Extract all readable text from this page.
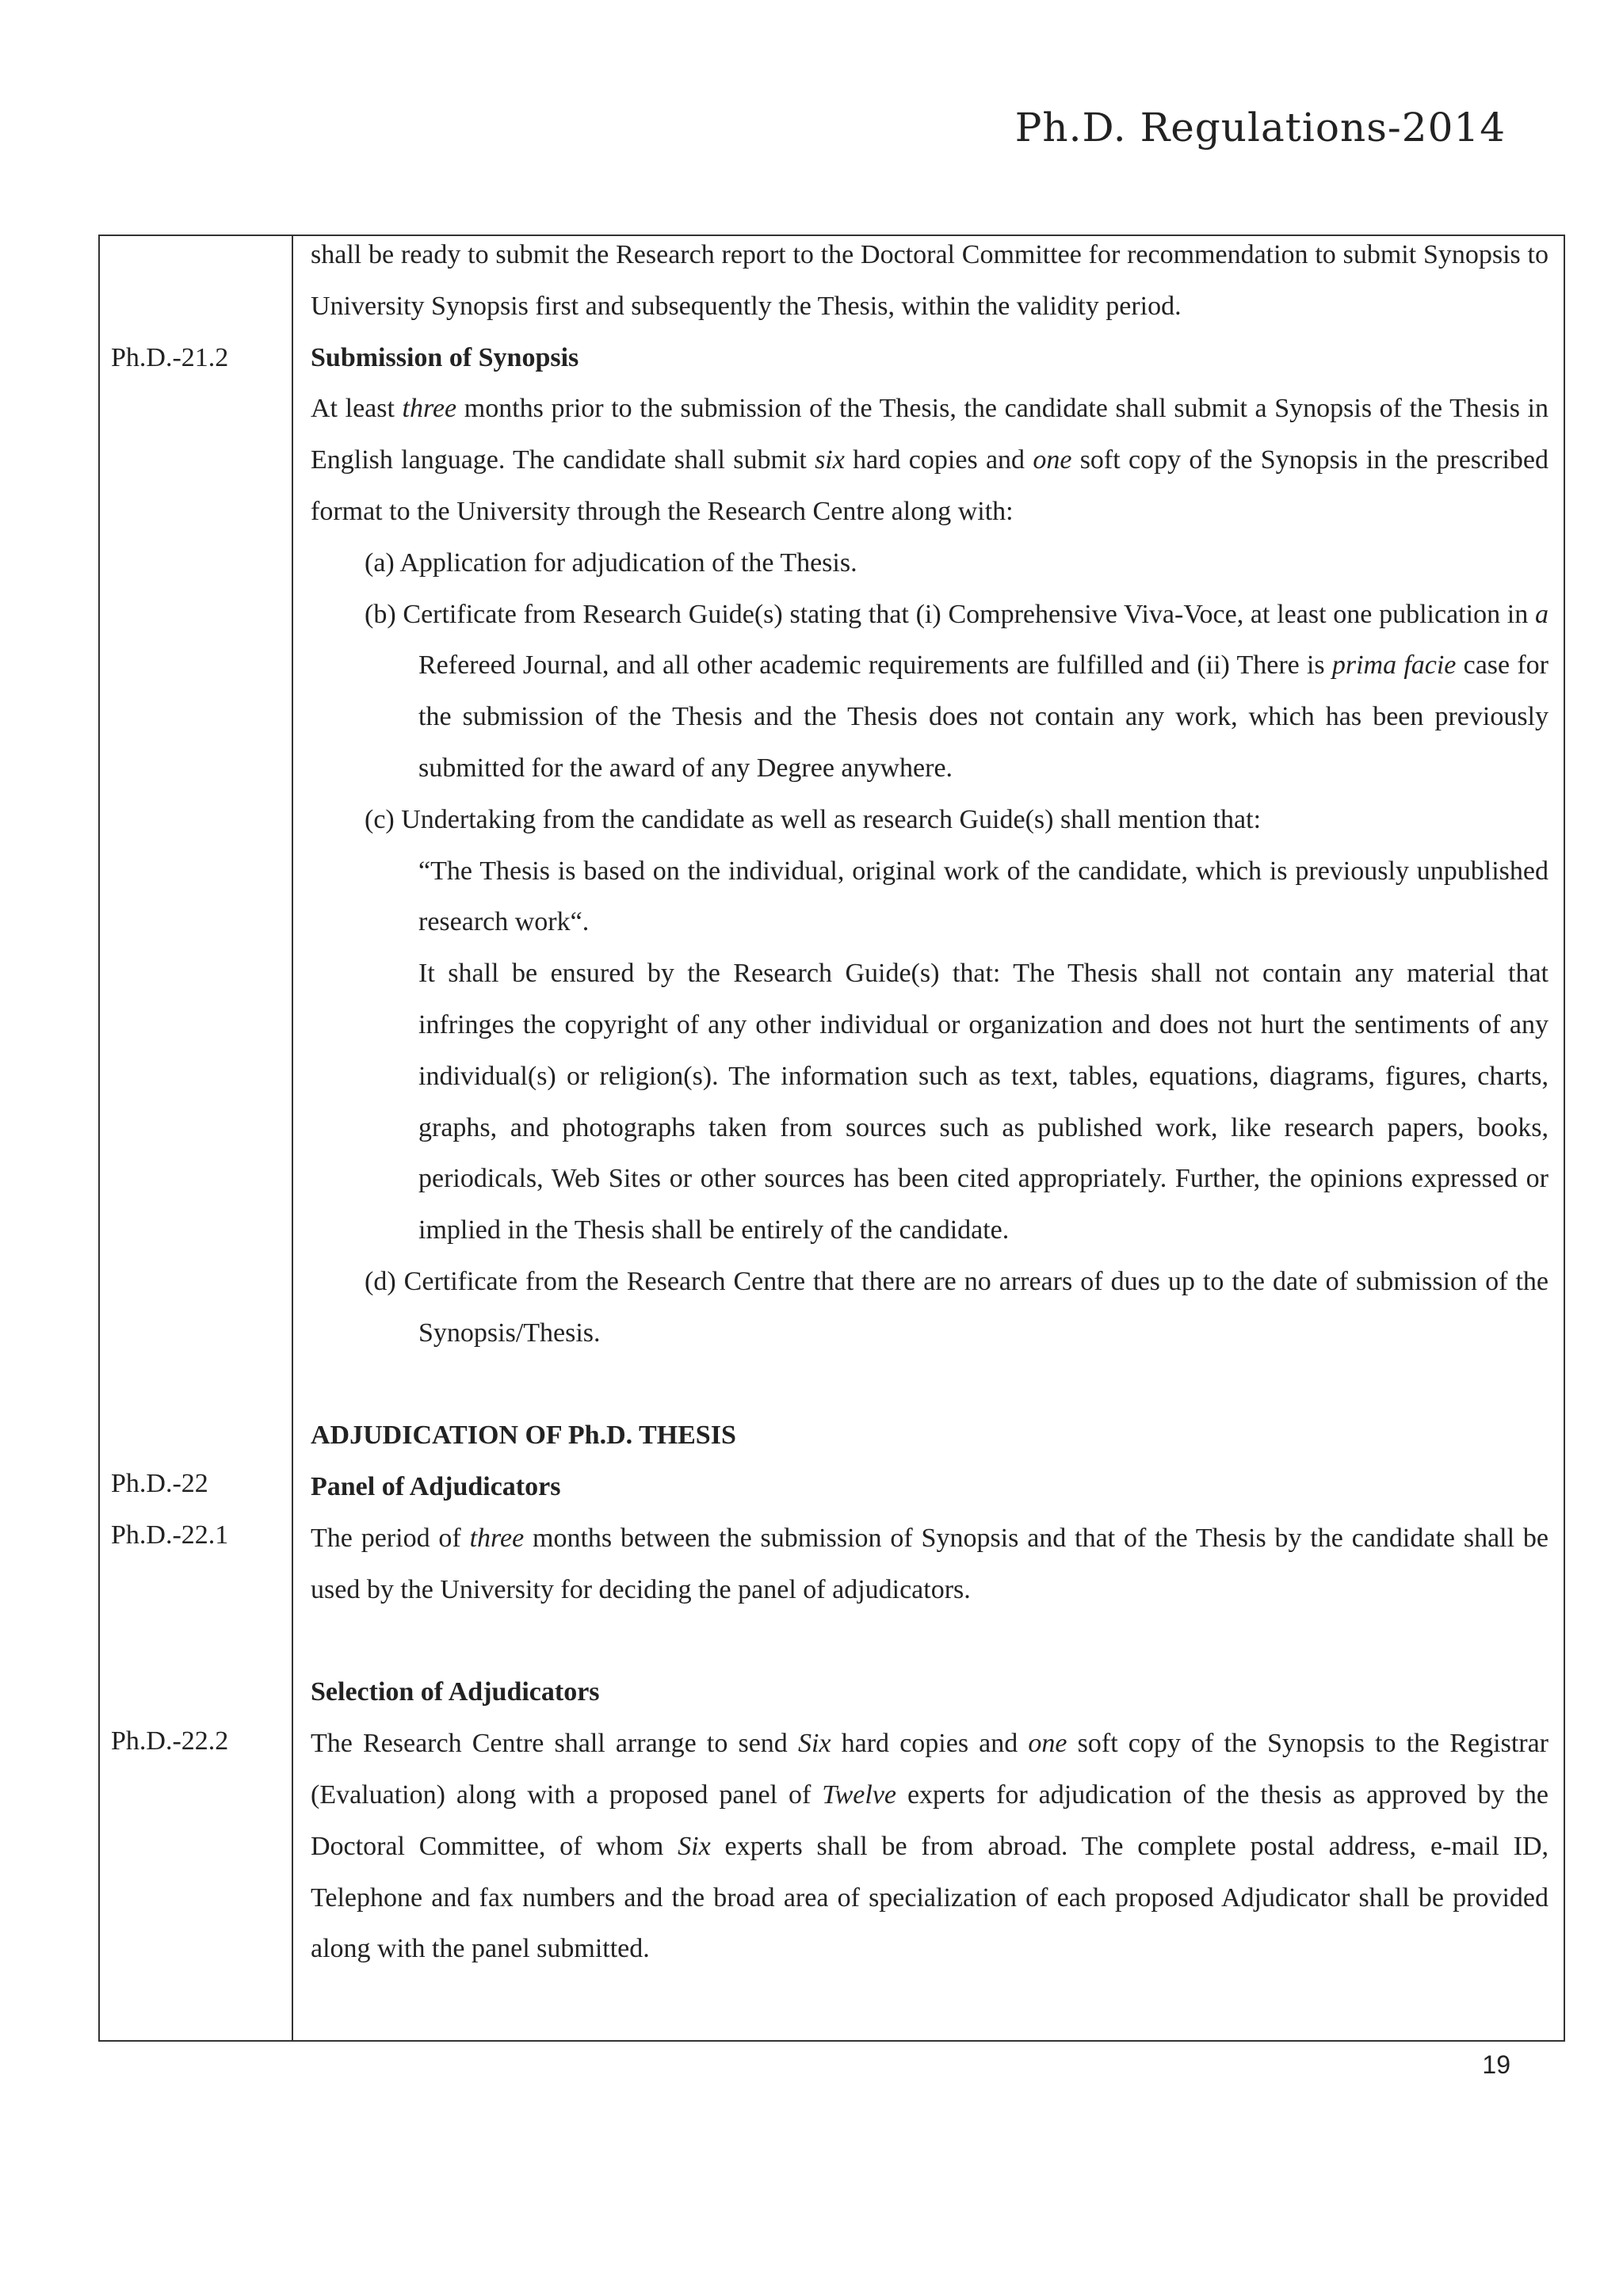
Ph.D. Regulations-2014
Ph.D.-21.2
Ph.D.-22
Ph.D.-22.1
Ph.D.-22.2

shall be ready to submit the Research report to the Doctoral Committee for recommendation to submit Synopsis to University Synopsis first and subsequently the Thesis, within the validity period.

Submission of Synopsis

At least three months prior to the submission of the Thesis, the candidate shall submit a Synopsis of the Thesis in English language. The candidate shall submit six hard copies and one soft copy of the Synopsis in the prescribed format to the University through the Research Centre along with:

(a) Application for adjudication of the Thesis.

(b) Certificate from Research Guide(s) stating that (i) Comprehensive Viva-Voce, at least one publication in a Refereed Journal, and all other academic requirements are fulfilled and (ii) There is prima facie case for the submission of the Thesis and the Thesis does not contain any work, which has been previously submitted for the award of any Degree anywhere.

(c) Undertaking from the candidate as well as research Guide(s) shall mention that:

“The Thesis is based on the individual, original work of the candidate, which is previously unpublished research work“.

It shall be ensured by the Research Guide(s) that: The Thesis shall not contain any material that infringes the copyright of any other individual or organization and does not hurt the sentiments of any individual(s) or religion(s). The information such as text, tables, equations, diagrams, figures, charts, graphs, and photographs taken from sources such as published work, like research papers, books, periodicals, Web Sites or other sources has been cited appropriately. Further, the opinions expressed or implied in the Thesis shall be entirely of the candidate.

(d) Certificate from the Research Centre that there are no arrears of dues up to the date of submission of the Synopsis/Thesis.

ADJUDICATION OF Ph.D. THESIS

Panel of Adjudicators

The period of three months between the submission of Synopsis and that of the Thesis by the candidate shall be used by the University for deciding the panel of adjudicators.

Selection of Adjudicators

The Research Centre shall arrange to send Six hard copies and one soft copy of the Synopsis to the Registrar (Evaluation) along with a proposed panel of Twelve experts for adjudication of the thesis as approved by the Doctoral Committee, of whom Six experts shall be from abroad. The complete postal address, e-mail ID, Telephone and fax numbers and the broad area of specialization of each proposed Adjudicator shall be provided along with the panel submitted.

19
